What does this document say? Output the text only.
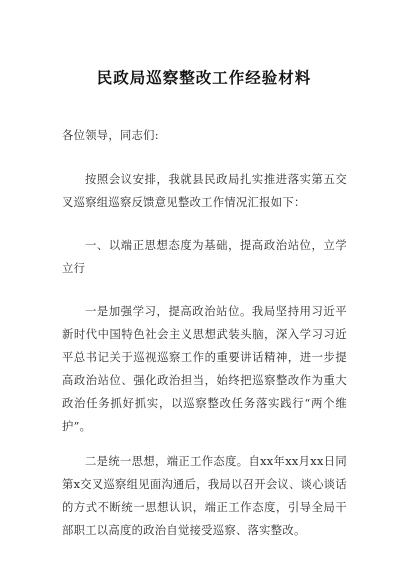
民政局巡察整改工作经验材料

各位领导，同志们:

按照会议安排，我就县民政局扎实推进落实第五交叉巡察组巡察反馈意见整改工作情况汇报如下：

一、以端正思想态度为基础，提高政治站位，立学立行

一是加强学习，提高政治站位。我局坚持用习近平新时代中国特色社会主义思想武装头脑，深入学习习近平总书记关于巡视巡察工作的重要讲话精神，进一步提高政治站位、强化政治担当，始终把巡察整改作为重大政治任务抓好抓实，以巡察整改任务落实践行“两个维护”。

二是统一思想，端正工作态度。自xx年xx月xx日同第x交叉巡察组见面沟通后，我局以召开会议、谈心谈话的方式不断统一思想认识，端正工作态度，引导全局干部职工以高度的政治自觉接受巡察、落实整改。
